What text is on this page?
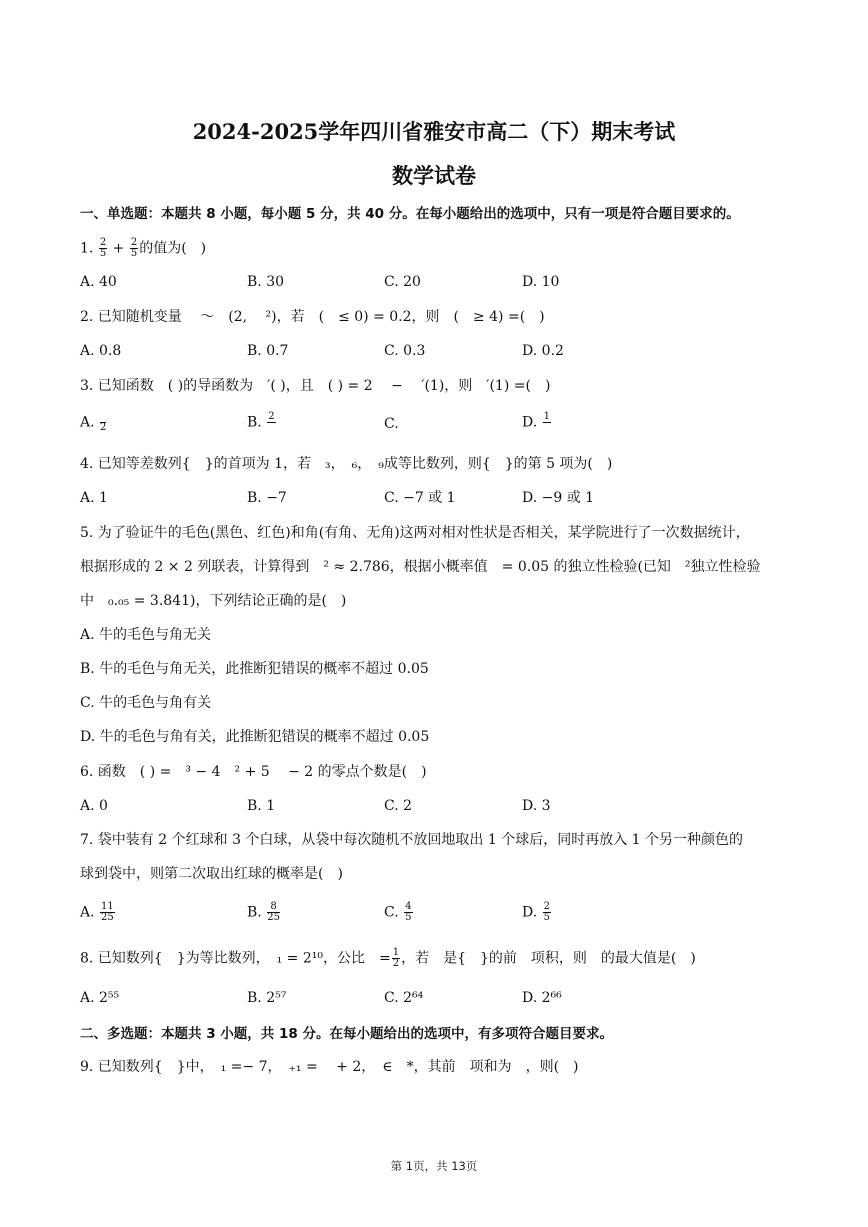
2024-2025学年四川省雅安市高二（下）期末考试
数学试卷
一、单选题：本题共 8 小题，每小题 5 分，共 40 分。在每小题给出的选项中，只有一项是符合题目要求的。
1. $\frac{2}{5} + \frac{2}{5}$ 的值为(　)
A. 40	B. 30	C. 20	D. 10
2. 已知随机变量 　～　(2, 　²)，若　(　≤ 0) = 0.2，则　(　≥ 4) =(　)
A. 0.8	B. 0.7	C. 0.3	D. 0.2
3. 已知函数　( )的导函数为　′( )，且　( ) = 2　 −　 ′(1)，则　′(1) =(　)
A.
2	B. 2
	C.	D. 1

4. 已知等差数列{　}的首项为 1，若　₃，　₆，　₉成等比数列，则{　}的第 5 项为(　)
A. 1	B. −7	C. −7 或 1	D. −9 或 1
5. 为了验证牛的毛色(黑色、红色)和角(有角、无角)这两对相对性状是否相关，某学院进行了一次数据统计，
根据形成的 2 × 2 列联表，计算得到　² ≈ 2.786，根据小概率值　= 0.05 的独立性检验(已知　²独立性检验
中　₀.₀₅ = 3.841)，下列结论正确的是(　)
A. 牛的毛色与角无关
B. 牛的毛色与角无关，此推断犯错误的概率不超过 0.05
C. 牛的毛色与角有关
D. 牛的毛色与角有关，此推断犯错误的概率不超过 0.05
6. 函数　( ) =　³ − 4　² + 5　 − 2 的零点个数是(　)
A. 0	B. 1	C. 2	D. 3
7. 袋中装有 2 个红球和 3 个白球，从袋中每次随机不放回地取出 1 个球后，同时再放入 1 个另一种颜色的
球到袋中，则第二次取出红球的概率是(　)
A. $\frac{11}{25}$	B. $\frac{8}{25}$	C. $\frac{4}{5}$	D. $\frac{2}{5}$
8. 已知数列{　}为等比数列，　₁ = 2¹⁰，公比　= $\frac{1}{2}$ ，若　是{　}的前　项积，则　的最大值是(　)
A. 2⁵⁵	B. 2⁵⁷	C. 2⁶⁴	D. 2⁶⁶
二、多选题：本题共 3 小题，共 18 分。在每小题给出的选项中，有多项符合题目要求。
9. 已知数列{　}中，　₁ =− 7，　₊₁ =　 + 2，　∈　*，其前　项和为　，则(　)
第 1页，共 13页
